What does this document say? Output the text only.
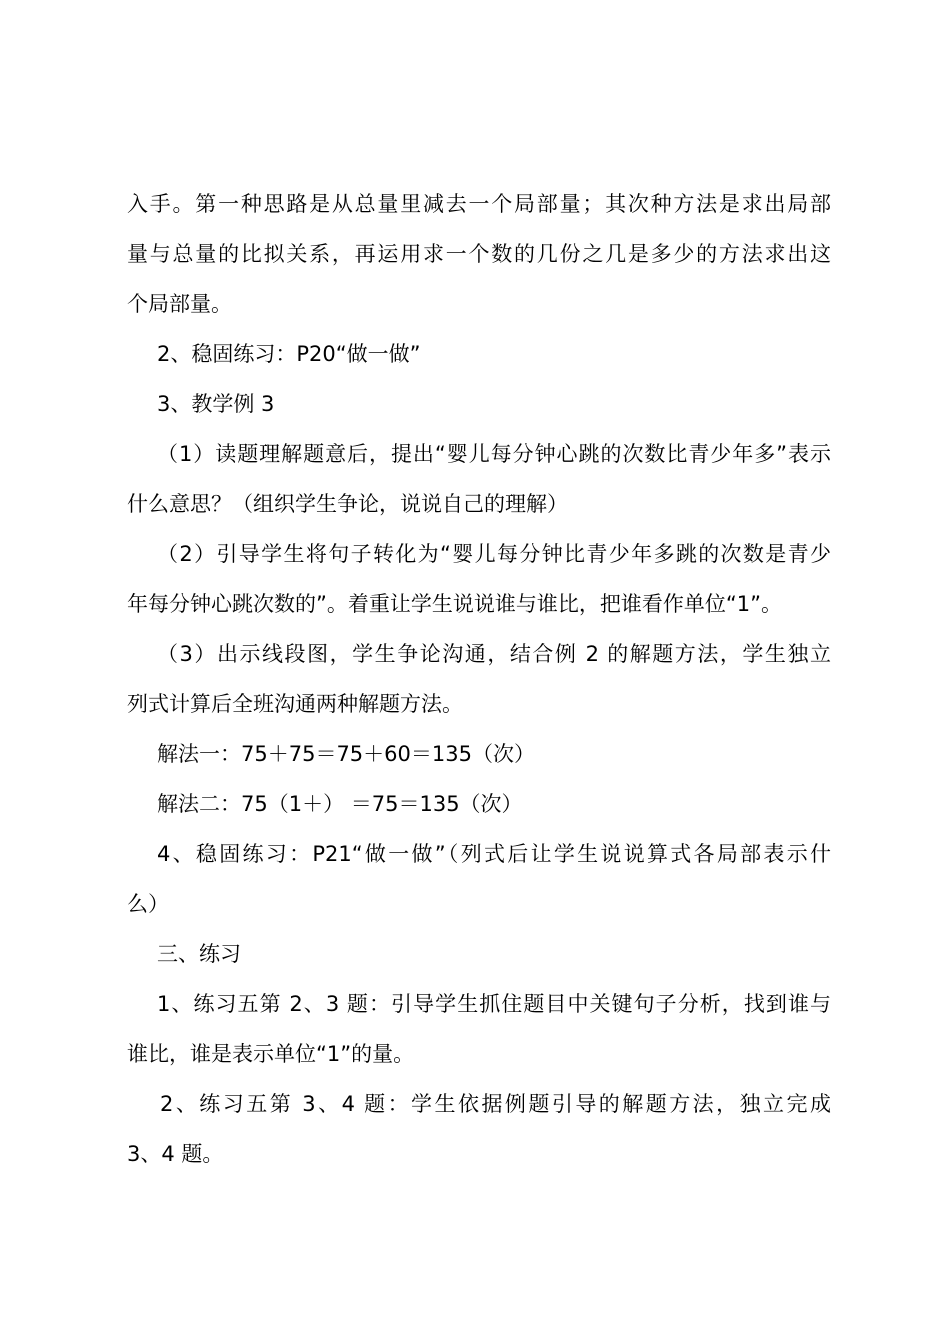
入手。第一种思路是从总量里减去一个局部量；其次种方法是求出局部
量与总量的比拟关系，再运用求一个数的几份之几是多少的方法求出这
个局部量。
2、稳固练习：P20“做一做”
3、教学例 3
（1）读题理解题意后，提出“婴儿每分钟心跳的次数比青少年多”表示
什么意思？（组织学生争论，说说自己的理解）
（2）引导学生将句子转化为“婴儿每分钟比青少年多跳的次数是青少
年每分钟心跳次数的”。着重让学生说说谁与谁比，把谁看作单位“1”。
（3）出示线段图，学生争论沟通，结合例 2 的解题方法，学生独立
列式计算后全班沟通两种解题方法。
解法一：75＋75＝75＋60＝135（次）
解法二：75（1＋） ＝75＝135（次）
4、稳固练习：P21“做一做”（列式后让学生说说算式各局部表示什
么）
三、练习
1、练习五第 2、3 题：引导学生抓住题目中关键句子分析，找到谁与
谁比，谁是表示单位“1”的量。
2、练习五第 3、4 题：学生依据例题引导的解题方法，独立完成
3、4 题。
